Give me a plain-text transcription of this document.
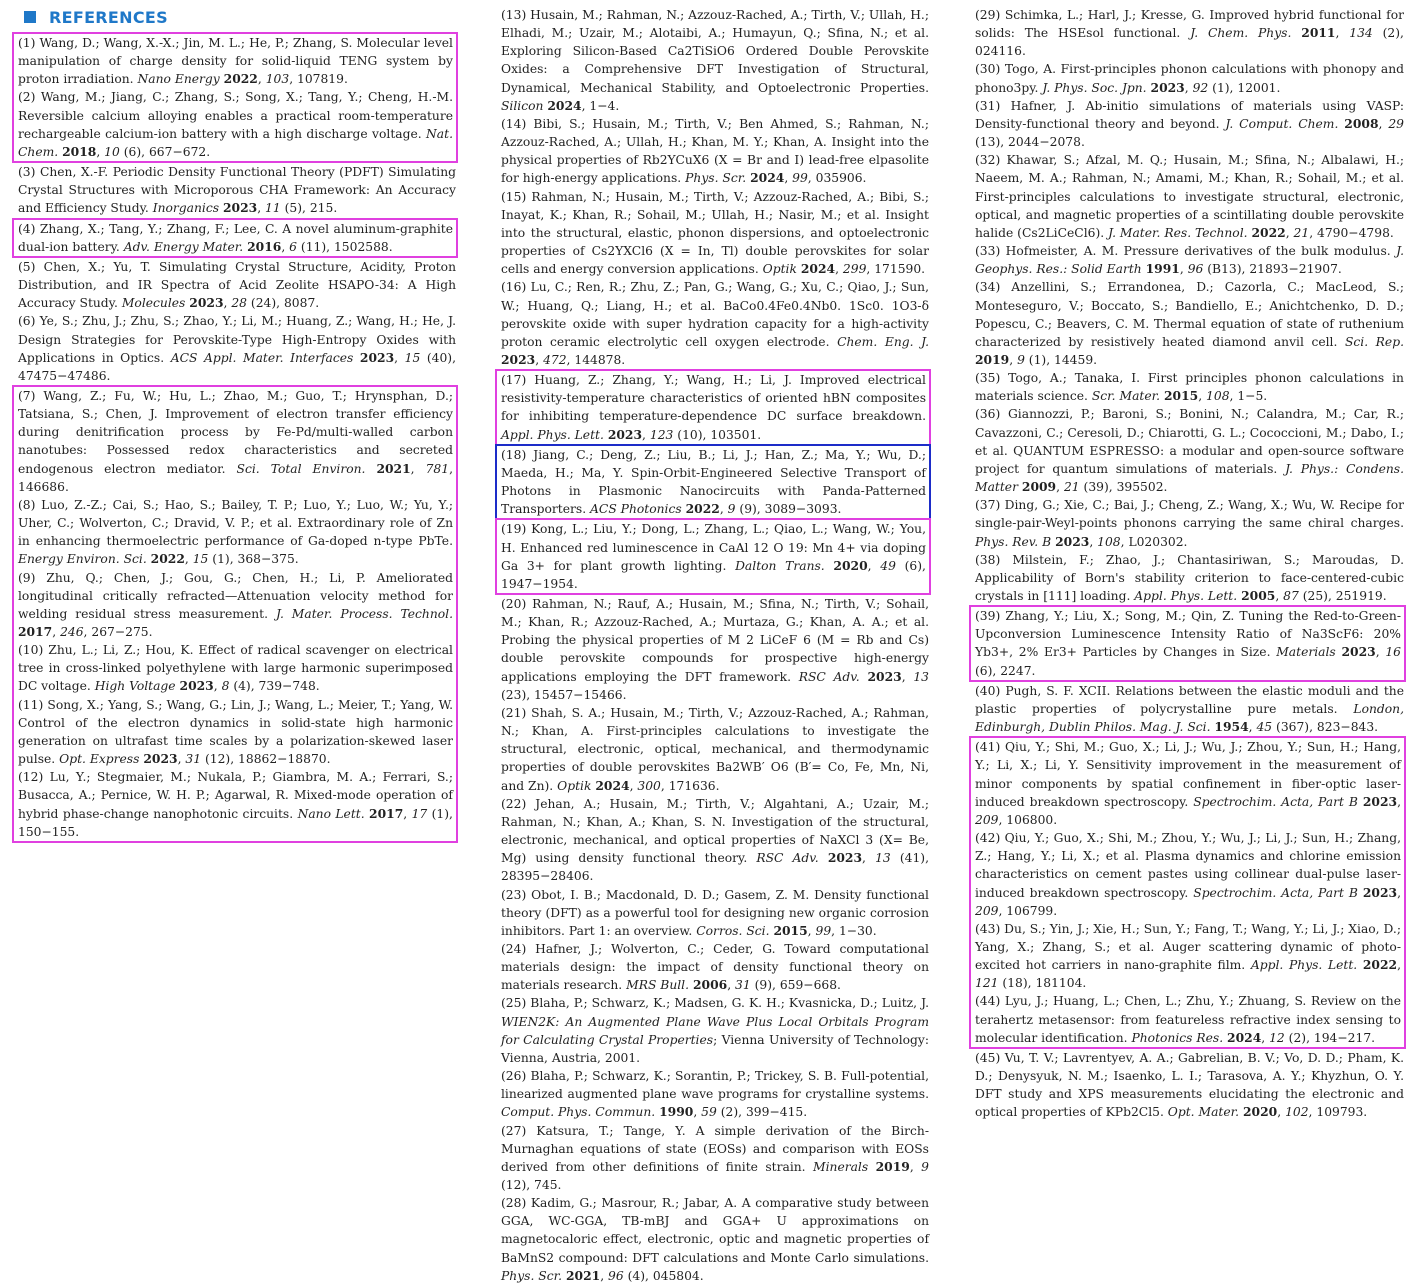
REFERENCES

(1) Wang, D.; Wang, X.-X.; Jin, M. L.; He, P.; Zhang, S. Molecular level manipulation of charge density for solid-liquid TENG system by proton irradiation. Nano Energy 2022, 103, 107819.

(2) Wang, M.; Jiang, C.; Zhang, S.; Song, X.; Tang, Y.; Cheng, H.-M. Reversible calcium alloying enables a practical room-temperature rechargeable calcium-ion battery with a high discharge voltage. Nat. Chem. 2018, 10 (6), 667−672.

(3) Chen, X.-F. Periodic Density Functional Theory (PDFT) Simulating Crystal Structures with Microporous CHA Framework: An Accuracy and Efficiency Study. Inorganics 2023, 11 (5), 215.

(4) Zhang, X.; Tang, Y.; Zhang, F.; Lee, C. A novel aluminum-graphite dual-ion battery. Adv. Energy Mater. 2016, 6 (11), 1502588.

(5) Chen, X.; Yu, T. Simulating Crystal Structure, Acidity, Proton Distribution, and IR Spectra of Acid Zeolite HSAPO-34: A High Accuracy Study. Molecules 2023, 28 (24), 8087.

(6) Ye, S.; Zhu, J.; Zhu, S.; Zhao, Y.; Li, M.; Huang, Z.; Wang, H.; He, J. Design Strategies for Perovskite-Type High-Entropy Oxides with Applications in Optics. ACS Appl. Mater. Interfaces 2023, 15 (40), 47475−47486.

(7) Wang, Z.; Fu, W.; Hu, L.; Zhao, M.; Guo, T.; Hrynsphan, D.; Tatsiana, S.; Chen, J. Improvement of electron transfer efficiency during denitrification process by Fe-Pd/multi-walled carbon nanotubes: Possessed redox characteristics and secreted endogenous electron mediator. Sci. Total Environ. 2021, 781, 146686.

(8) Luo, Z.-Z.; Cai, S.; Hao, S.; Bailey, T. P.; Luo, Y.; Luo, W.; Yu, Y.; Uher, C.; Wolverton, C.; Dravid, V. P.; et al. Extraordinary role of Zn in enhancing thermoelectric performance of Ga-doped n-type PbTe. Energy Environ. Sci. 2022, 15 (1), 368−375.

(9) Zhu, Q.; Chen, J.; Gou, G.; Chen, H.; Li, P. Ameliorated longitudinal critically refracted—Attenuation velocity method for welding residual stress measurement. J. Mater. Process. Technol. 2017, 246, 267−275.

(10) Zhu, L.; Li, Z.; Hou, K. Effect of radical scavenger on electrical tree in cross-linked polyethylene with large harmonic superimposed DC voltage. High Voltage 2023, 8 (4), 739−748.

(11) Song, X.; Yang, S.; Wang, G.; Lin, J.; Wang, L.; Meier, T.; Yang, W. Control of the electron dynamics in solid-state high harmonic generation on ultrafast time scales by a polarization-skewed laser pulse. Opt. Express 2023, 31 (12), 18862−18870.

(12) Lu, Y.; Stegmaier, M.; Nukala, P.; Giambra, M. A.; Ferrari, S.; Busacca, A.; Pernice, W. H. P.; Agarwal, R. Mixed-mode operation of hybrid phase-change nanophotonic circuits. Nano Lett. 2017, 17 (1), 150−155.

(13) Husain, M.; Rahman, N.; Azzouz-Rached, A.; Tirth, V.; Ullah, H.; Elhadi, M.; Uzair, M.; Alotaibi, A.; Humayun, Q.; Sfina, N.; et al. Exploring Silicon-Based Ca2TiSiO6 Ordered Double Perovskite Oxides: a Comprehensive DFT Investigation of Structural, Dynamical, Mechanical Stability, and Optoelectronic Properties. Silicon 2024, 1−4.

(14) Bibi, S.; Husain, M.; Tirth, V.; Ben Ahmed, S.; Rahman, N.; Azzouz-Rached, A.; Ullah, H.; Khan, M. Y.; Khan, A. Insight into the physical properties of Rb2YCuX6 (X = Br and I) lead-free elpasolite for high-energy applications. Phys. Scr. 2024, 99, 035906.

(15) Rahman, N.; Husain, M.; Tirth, V.; Azzouz-Rached, A.; Bibi, S.; Inayat, K.; Khan, R.; Sohail, M.; Ullah, H.; Nasir, M.; et al. Insight into the structural, elastic, phonon dispersions, and optoelectronic properties of Cs2YXCl6 (X = In, Tl) double perovskites for solar cells and energy conversion applications. Optik 2024, 299, 171590.

(16) Lu, C.; Ren, R.; Zhu, Z.; Pan, G.; Wang, G.; Xu, C.; Qiao, J.; Sun, W.; Huang, Q.; Liang, H.; et al. BaCo0.4Fe0.4Nb0. 1Sc0. 1O3-δ perovskite oxide with super hydration capacity for a high-activity proton ceramic electrolytic cell oxygen electrode. Chem. Eng. J. 2023, 472, 144878.

(17) Huang, Z.; Zhang, Y.; Wang, H.; Li, J. Improved electrical resistivity-temperature characteristics of oriented hBN composites for inhibiting temperature-dependence DC surface breakdown. Appl. Phys. Lett. 2023, 123 (10), 103501.

(18) Jiang, C.; Deng, Z.; Liu, B.; Li, J.; Han, Z.; Ma, Y.; Wu, D.; Maeda, H.; Ma, Y. Spin-Orbit-Engineered Selective Transport of Photons in Plasmonic Nanocircuits with Panda-Patterned Transporters. ACS Photonics 2022, 9 (9), 3089−3093.

(19) Kong, L.; Liu, Y.; Dong, L.; Zhang, L.; Qiao, L.; Wang, W.; You, H. Enhanced red luminescence in CaAl 12 O 19: Mn 4+ via doping Ga 3+ for plant growth lighting. Dalton Trans. 2020, 49 (6), 1947−1954.

(20) Rahman, N.; Rauf, A.; Husain, M.; Sfina, N.; Tirth, V.; Sohail, M.; Khan, R.; Azzouz-Rached, A.; Murtaza, G.; Khan, A. A.; et al. Probing the physical properties of M 2 LiCeF 6 (M = Rb and Cs) double perovskite compounds for prospective high-energy applications employing the DFT framework. RSC Adv. 2023, 13 (23), 15457−15466.

(21) Shah, S. A.; Husain, M.; Tirth, V.; Azzouz-Rached, A.; Rahman, N.; Khan, A. First-principles calculations to investigate the structural, electronic, optical, mechanical, and thermodynamic properties of double perovskites Ba2WB′ O6 (B′= Co, Fe, Mn, Ni, and Zn). Optik 2024, 300, 171636.

(22) Jehan, A.; Husain, M.; Tirth, V.; Algahtani, A.; Uzair, M.; Rahman, N.; Khan, A.; Khan, S. N. Investigation of the structural, electronic, mechanical, and optical properties of NaXCl 3 (X= Be, Mg) using density functional theory. RSC Adv. 2023, 13 (41), 28395−28406.

(23) Obot, I. B.; Macdonald, D. D.; Gasem, Z. M. Density functional theory (DFT) as a powerful tool for designing new organic corrosion inhibitors. Part 1: an overview. Corros. Sci. 2015, 99, 1−30.

(24) Hafner, J.; Wolverton, C.; Ceder, G. Toward computational materials design: the impact of density functional theory on materials research. MRS Bull. 2006, 31 (9), 659−668.

(25) Blaha, P.; Schwarz, K.; Madsen, G. K. H.; Kvasnicka, D.; Luitz, J. WIEN2K: An Augmented Plane Wave Plus Local Orbitals Program for Calculating Crystal Properties; Vienna University of Technology: Vienna, Austria, 2001.

(26) Blaha, P.; Schwarz, K.; Sorantin, P.; Trickey, S. B. Full-potential, linearized augmented plane wave programs for crystalline systems. Comput. Phys. Commun. 1990, 59 (2), 399−415.

(27) Katsura, T.; Tange, Y. A simple derivation of the Birch-Murnaghan equations of state (EOSs) and comparison with EOSs derived from other definitions of finite strain. Minerals 2019, 9 (12), 745.

(28) Kadim, G.; Masrour, R.; Jabar, A. A comparative study between GGA, WC-GGA, TB-mBJ and GGA+ U approximations on magnetocaloric effect, electronic, optic and magnetic properties of BaMnS2 compound: DFT calculations and Monte Carlo simulations. Phys. Scr. 2021, 96 (4), 045804.

(29) Schimka, L.; Harl, J.; Kresse, G. Improved hybrid functional for solids: The HSEsol functional. J. Chem. Phys. 2011, 134 (2), 024116.

(30) Togo, A. First-principles phonon calculations with phonopy and phono3py. J. Phys. Soc. Jpn. 2023, 92 (1), 12001.

(31) Hafner, J. Ab-initio simulations of materials using VASP: Density-functional theory and beyond. J. Comput. Chem. 2008, 29 (13), 2044−2078.

(32) Khawar, S.; Afzal, M. Q.; Husain, M.; Sfina, N.; Albalawi, H.; Naeem, M. A.; Rahman, N.; Amami, M.; Khan, R.; Sohail, M.; et al. First-principles calculations to investigate structural, electronic, optical, and magnetic properties of a scintillating double perovskite halide (Cs2LiCeCl6). J. Mater. Res. Technol. 2022, 21, 4790−4798.

(33) Hofmeister, A. M. Pressure derivatives of the bulk modulus. J. Geophys. Res.: Solid Earth 1991, 96 (B13), 21893−21907.

(34) Anzellini, S.; Errandonea, D.; Cazorla, C.; MacLeod, S.; Monteseguro, V.; Boccato, S.; Bandiello, E.; Anichtchenko, D. D.; Popescu, C.; Beavers, C. M. Thermal equation of state of ruthenium characterized by resistively heated diamond anvil cell. Sci. Rep. 2019, 9 (1), 14459.

(35) Togo, A.; Tanaka, I. First principles phonon calculations in materials science. Scr. Mater. 2015, 108, 1−5.

(36) Giannozzi, P.; Baroni, S.; Bonini, N.; Calandra, M.; Car, R.; Cavazzoni, C.; Ceresoli, D.; Chiarotti, G. L.; Cococcioni, M.; Dabo, I.; et al. QUANTUM ESPRESSO: a modular and open-source software project for quantum simulations of materials. J. Phys.: Condens. Matter 2009, 21 (39), 395502.

(37) Ding, G.; Xie, C.; Bai, J.; Cheng, Z.; Wang, X.; Wu, W. Recipe for single-pair-Weyl-points phonons carrying the same chiral charges. Phys. Rev. B 2023, 108, L020302.

(38) Milstein, F.; Zhao, J.; Chantasiriwan, S.; Maroudas, D. Applicability of Born's stability criterion to face-centered-cubic crystals in [111] loading. Appl. Phys. Lett. 2005, 87 (25), 251919.

(39) Zhang, Y.; Liu, X.; Song, M.; Qin, Z. Tuning the Red-to-Green-Upconversion Luminescence Intensity Ratio of Na3ScF6: 20% Yb3+, 2% Er3+ Particles by Changes in Size. Materials 2023, 16 (6), 2247.

(40) Pugh, S. F. XCII. Relations between the elastic moduli and the plastic properties of polycrystalline pure metals. London, Edinburgh, Dublin Philos. Mag. J. Sci. 1954, 45 (367), 823−843.

(41) Qiu, Y.; Shi, M.; Guo, X.; Li, J.; Wu, J.; Zhou, Y.; Sun, H.; Hang, Y.; Li, X.; Li, Y. Sensitivity improvement in the measurement of minor components by spatial confinement in fiber-optic laser-induced breakdown spectroscopy. Spectrochim. Acta, Part B 2023, 209, 106800.

(42) Qiu, Y.; Guo, X.; Shi, M.; Zhou, Y.; Wu, J.; Li, J.; Sun, H.; Zhang, Z.; Hang, Y.; Li, X.; et al. Plasma dynamics and chlorine emission characteristics on cement pastes using collinear dual-pulse laser-induced breakdown spectroscopy. Spectrochim. Acta, Part B 2023, 209, 106799.

(43) Du, S.; Yin, J.; Xie, H.; Sun, Y.; Fang, T.; Wang, Y.; Li, J.; Xiao, D.; Yang, X.; Zhang, S.; et al. Auger scattering dynamic of photo-excited hot carriers in nano-graphite film. Appl. Phys. Lett. 2022, 121 (18), 181104.

(44) Lyu, J.; Huang, L.; Chen, L.; Zhu, Y.; Zhuang, S. Review on the terahertz metasensor: from featureless refractive index sensing to molecular identification. Photonics Res. 2024, 12 (2), 194−217.

(45) Vu, T. V.; Lavrentyev, A. A.; Gabrelian, B. V.; Vo, D. D.; Pham, K. D.; Denysyuk, N. M.; Isaenko, L. I.; Tarasova, A. Y.; Khyzhun, O. Y. DFT study and XPS measurements elucidating the electronic and optical properties of KPb2Cl5. Opt. Mater. 2020, 102, 109793.
